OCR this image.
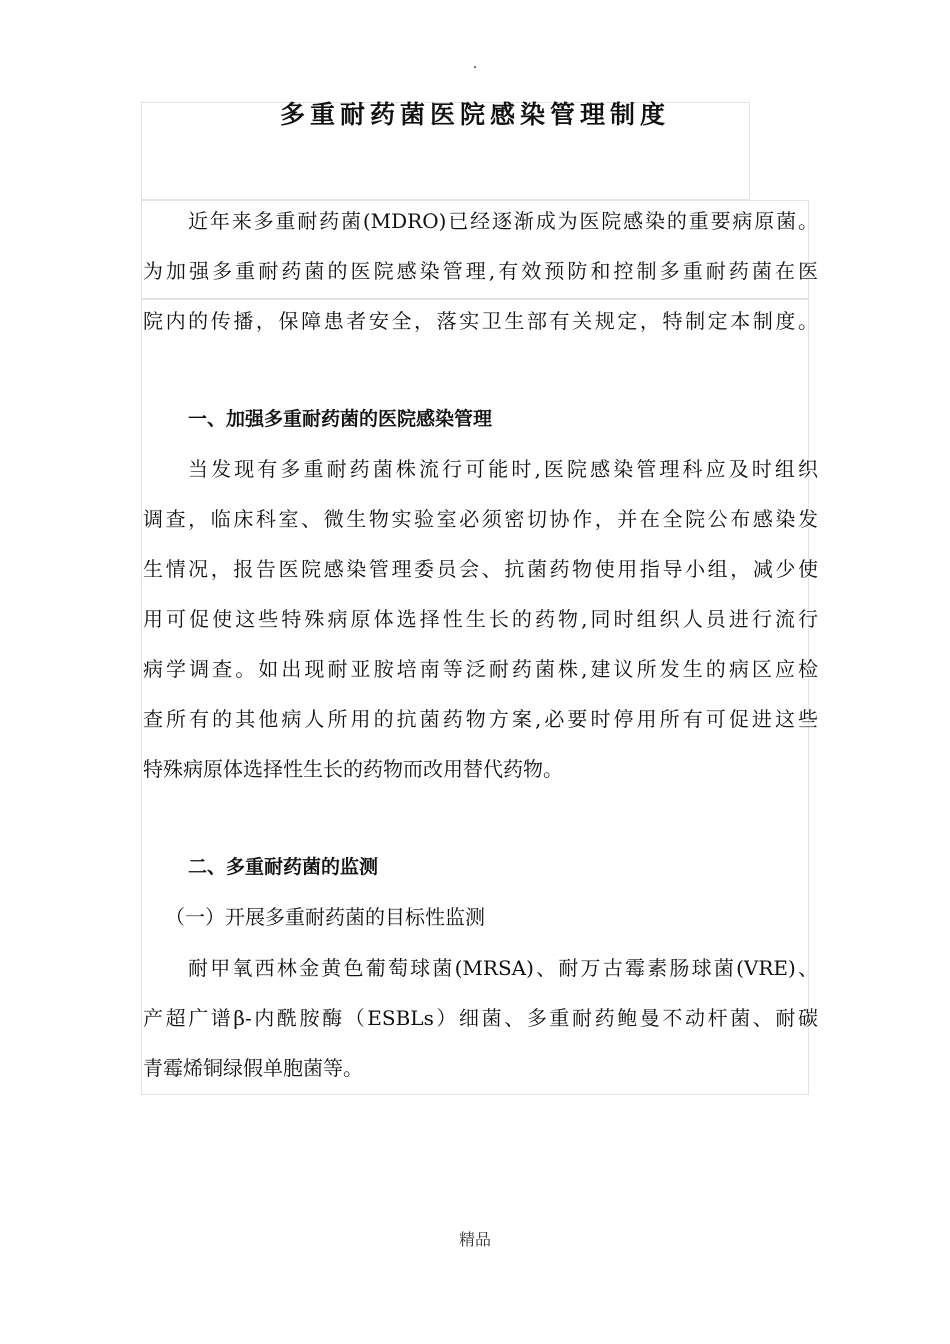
.
多重耐药菌医院感染管理制度
近年来多重耐药菌(MDRO)已经逐渐成为医院感染的重要病原菌。
为加强多重耐药菌的医院感染管理,有效预防和控制多重耐药菌在医
院内的传播，保障患者安全，落实卫生部有关规定，特制定本制度。
一、加强多重耐药菌的医院感染管理
当发现有多重耐药菌株流行可能时,医院感染管理科应及时组织
调查，临床科室、微生物实验室必须密切协作，并在全院公布感染发
生情况，报告医院感染管理委员会、抗菌药物使用指导小组，减少使
用可促使这些特殊病原体选择性生长的药物,同时组织人员进行流行
病学调查。如出现耐亚胺培南等泛耐药菌株,建议所发生的病区应检
查所有的其他病人所用的抗菌药物方案,必要时停用所有可促进这些
特殊病原体选择性生长的药物而改用替代药物。
二、多重耐药菌的监测
（一）开展多重耐药菌的目标性监测
耐甲氧西林金黄色葡萄球菌(MRSA)、耐万古霉素肠球菌(VRE)、
产超广谱β-内酰胺酶（ESBLs）细菌、多重耐药鲍曼不动杆菌、耐碳
青霉烯铜绿假单胞菌等。
精品
